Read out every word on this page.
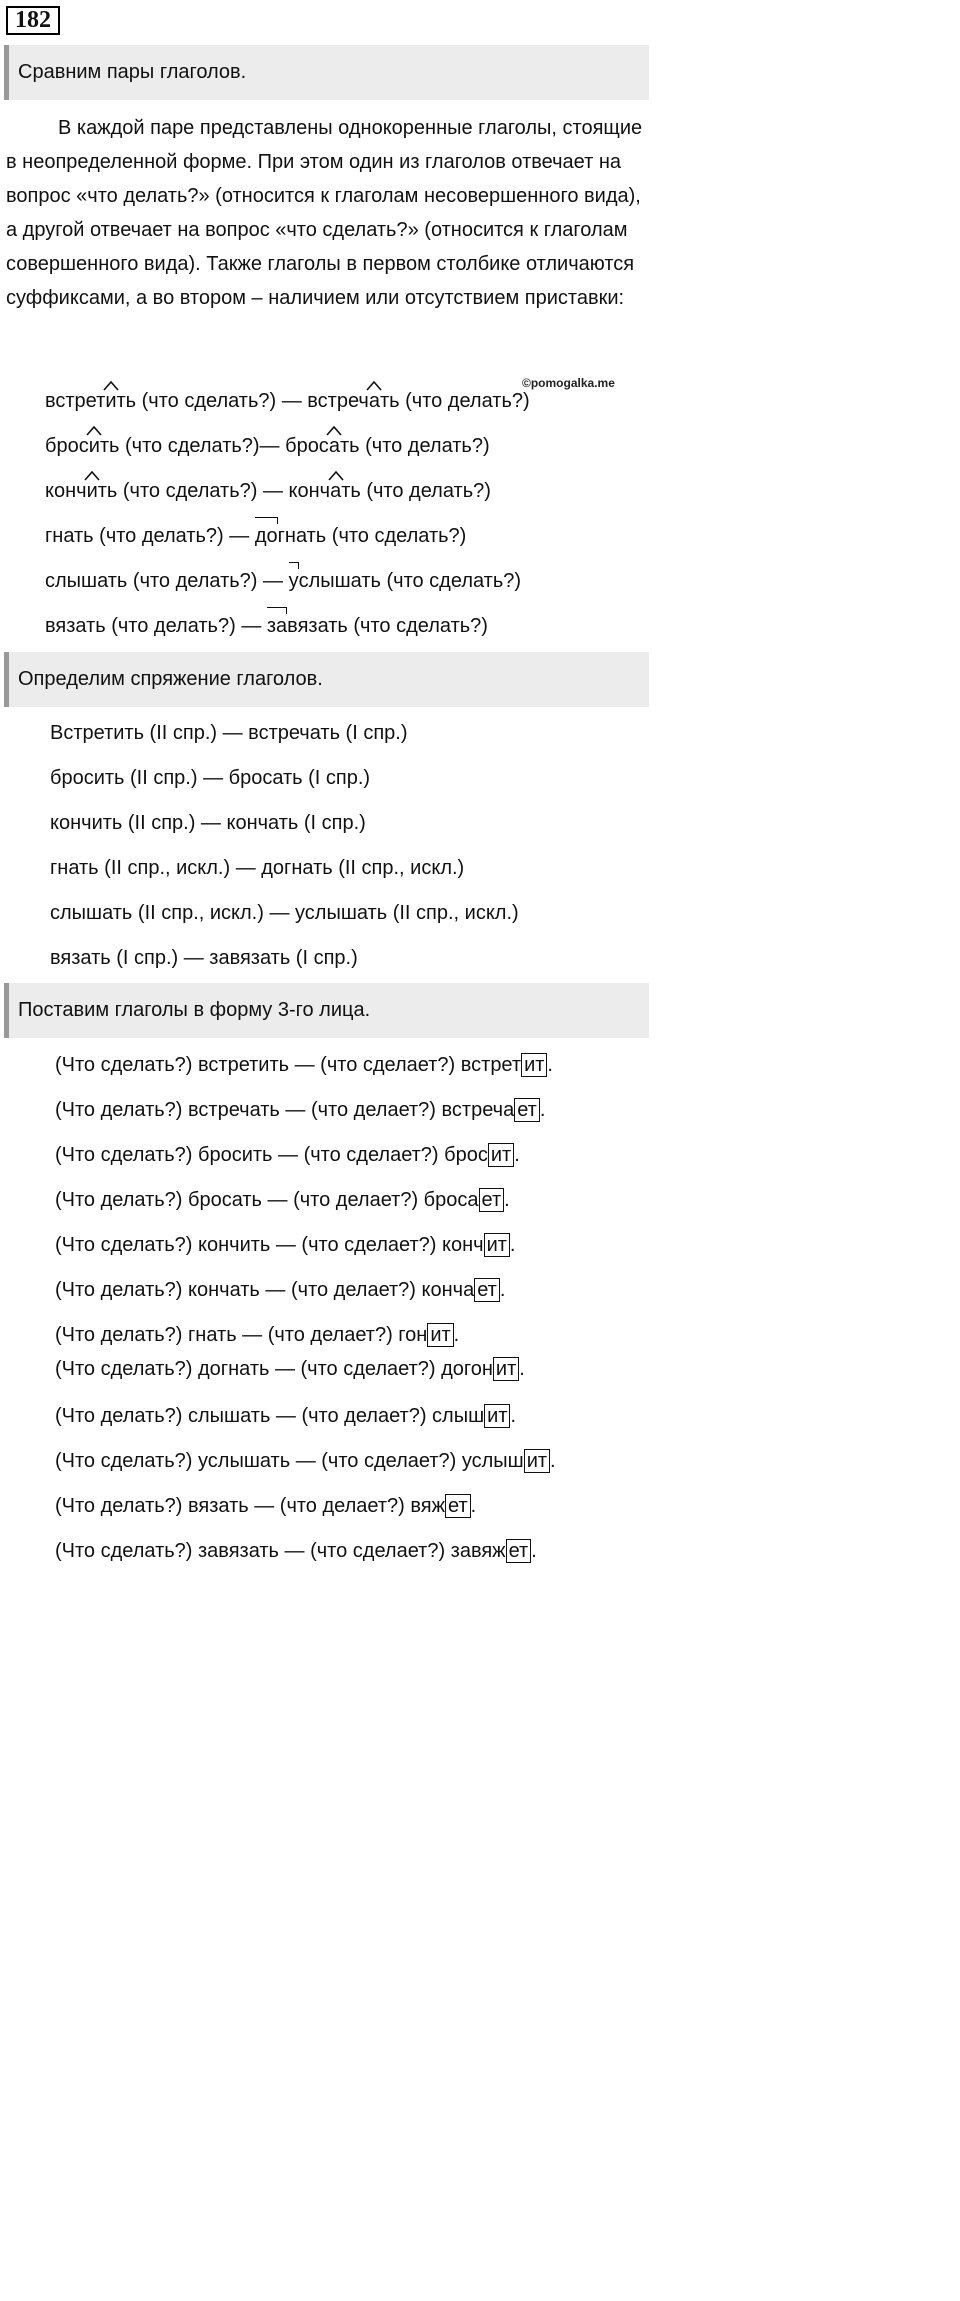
182
Сравним пары глаголов.
В каждой паре представлены однокоренные глаголы, стоящие в неопределенной форме. При этом один из глаголов отвечает на вопрос «что делать?» (относится к глаголам несовершенного вида), а другой отвечает на вопрос «что сделать?» (относится к глаголам совершенного вида). Также глаголы в первом столбике отличаются суффиксами, а во втором – наличием или отсутствием приставки:
©pomogalka.me
встрет
ить (что сделать?) — встреч
ать (что делать?)
брос
ить (что сделать?)— брос
ать (что делать?)
конч
ить (что сделать?) — конч
ать (что делать?)
гнать (что делать?) —
догнать (что сделать?)
слышать (что делать?) —
услышать (что сделать?)
вязать (что делать?) —
завязать (что сделать?)
Определим спряжение глаголов.
Встретить (II спр.) — встречать (I спр.)
бросить (II спр.) — бросать (I спр.)
кончить (II спр.) — кончать (I спр.)
гнать (II спр., искл.) — догнать (II спр., искл.)
слышать (II спр., искл.) — услышать (II спр., искл.)
вязать (I спр.) — завязать (I спр.)
Поставим глаголы в форму 3-го лица.
(Что сделать?) встретить — (что сделает?) встрет ит .
(Что делать?) встречать — (что делает?) встреча ет .
(Что сделать?) бросить — (что сделает?) брос ит .
(Что делать?) бросать — (что делает?) броса ет .
(Что сделать?) кончить — (что сделает?) конч ит .
(Что делать?) кончать — (что делает?) конча ет .
(Что делать?) гнать — (что делает?) гон ит .
(Что сделать?) догнать — (что сделает?) догон ит .
(Что делать?) слышать — (что делает?) слыш ит .
(Что сделать?) услышать — (что сделает?) услыш ит .
(Что делать?) вязать — (что делает?) вяж ет .
(Что сделать?) завязать — (что сделает?) завяж ет .
